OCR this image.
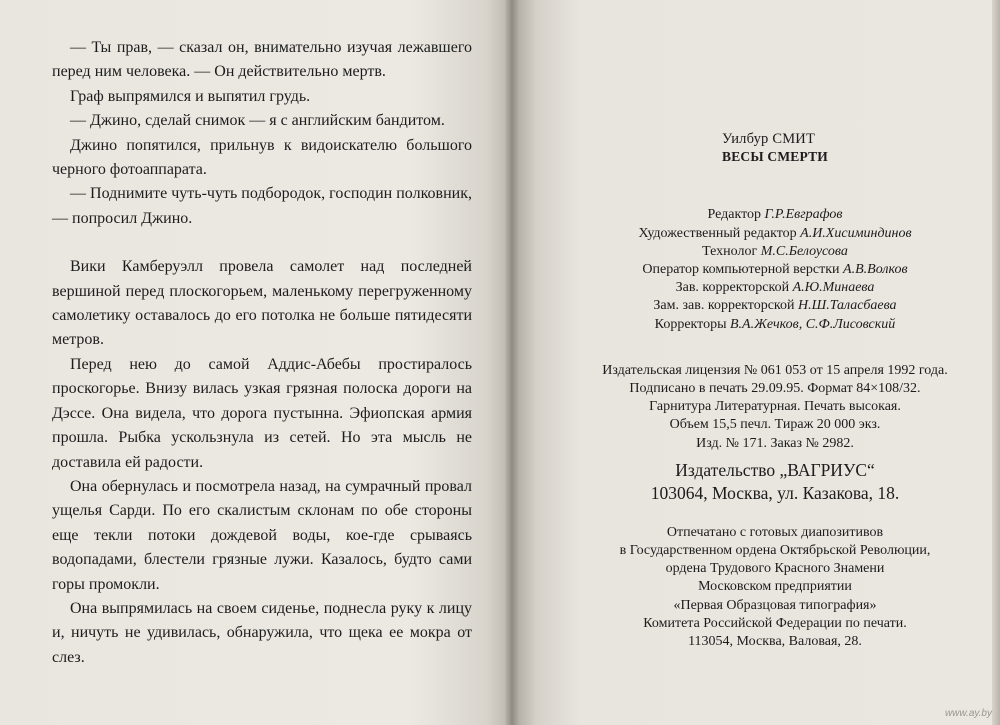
— Ты прав, — сказал он, внимательно изучая лежавшего перед ним человека. — Он действительно мертв.

Граф выпрямился и выпятил грудь.

— Джино, сделай снимок — я с английским бандитом.

Джино попятился, прильнув к видоискателю большого черного фотоаппарата.

— Поднимите чуть-чуть подбородок, господин полковник, — попросил Джино.

Вики Камберуэлл провела самолет над последней вершиной перед плоскогорьем, маленькому перегруженному самолетику оставалось до его потолка не больше пятидесяти метров.

Перед нею до самой Аддис-Абебы простиралось проскогорье. Внизу вилась узкая грязная полоска дороги на Дэссе. Она видела, что дорога пустынна. Эфиопская армия прошла. Рыбка ускользнула из сетей. Но эта мысль не доставила ей радости.

Она обернулась и посмотрела назад, на сумрачный провал ущелья Сарди. По его скалистым склонам по обе стороны еще текли потоки дождевой воды, кое-где срываясь водопадами, блестели грязные лужи. Казалось, будто сами горы промокли.

Она выпрямилась на своем сиденье, поднесла руку к лицу и, ничуть не удивилась, обнаружила, что щека ее мокра от слез.

Уилбур СМИТ
ВЕСЫ СМЕРТИ
Редактор Г.Р.Евграфов
Художественный редактор А.И.Хисиминдинов
Технолог М.С.Белоусова
Оператор компьютерной верстки А.В.Волков
Зав. корректорской А.Ю.Минаева
Зам. зав. корректорской Н.Ш.Таласбаева
Корректоры В.А.Жечков, С.Ф.Лисовский
Издательская лицензия № 061 053 от 15 апреля 1992 года.
Подписано в печать 29.09.95. Формат 84×108/32.
Гарнитура Литературная. Печать высокая.
Объем 15,5 печл. Тираж 20 000 экз.
Изд. № 171. Заказ № 2982.
Издательство „ВАГРИУС“
103064, Москва, ул. Казакова, 18.
Отпечатано с готовых диапозитивов
в Государственном ордена Октябрьской Революции,
ордена Трудового Красного Знамени
Московском предприятии
«Первая Образцовая типография»
Комитета Российской Федерации по печати.
113054, Москва, Валовая, 28.
www.ay.by
